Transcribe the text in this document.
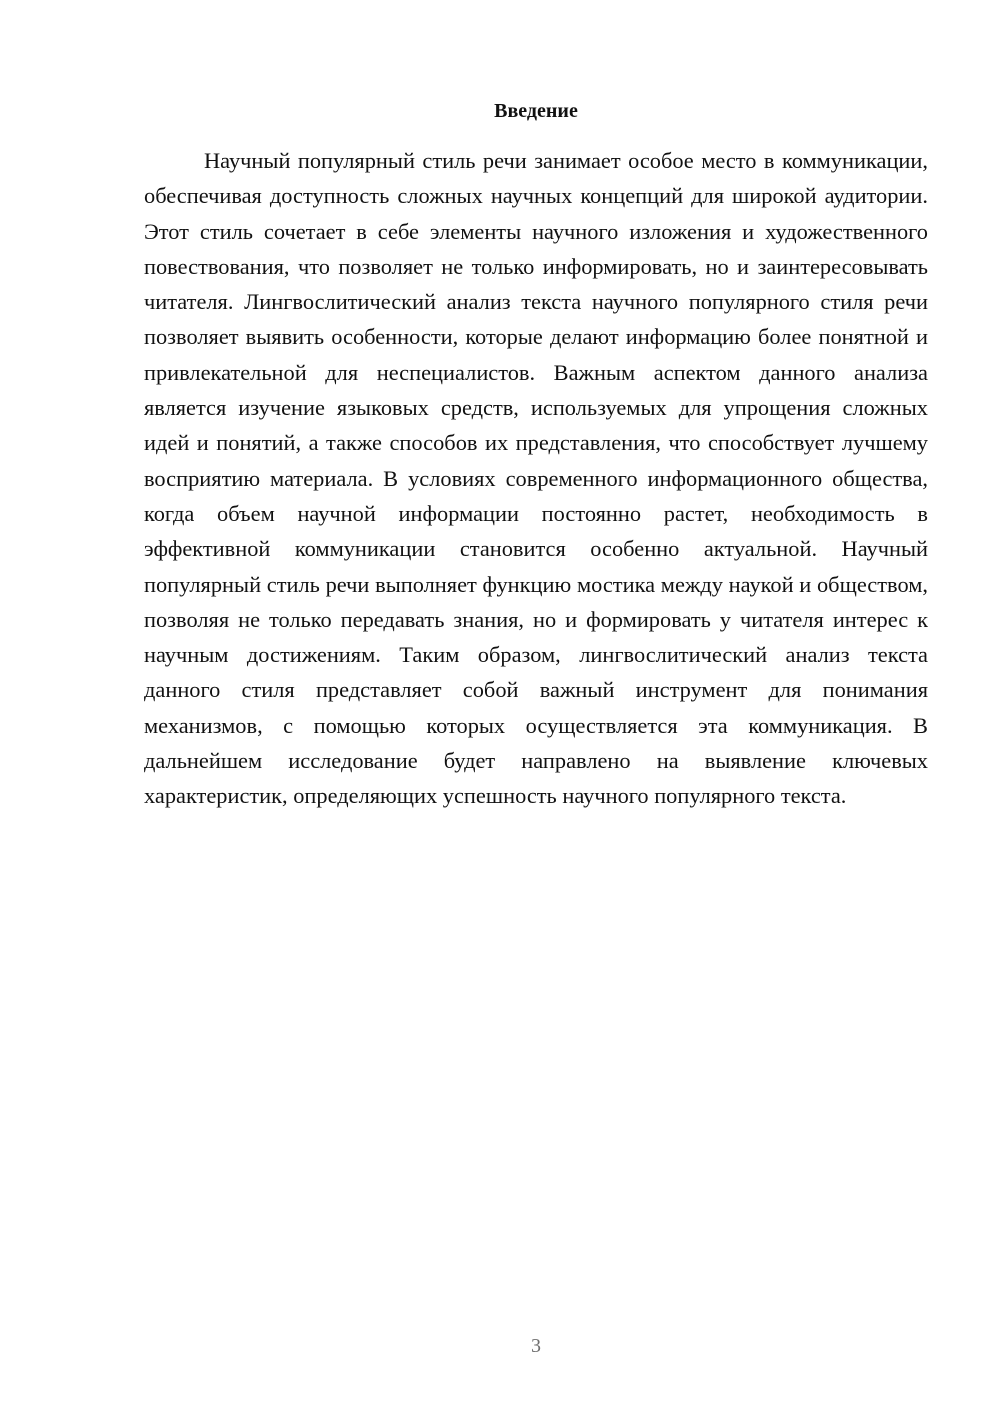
Введение

Научный популярный стиль речи занимает особое место в коммуникации, обеспечивая доступность сложных научных концепций для широкой аудитории. Этот стиль сочетает в себе элементы научного изложения и художественного повествования, что позволяет не только информировать, но и заинтересовывать читателя. Лингвослитический анализ текста научного популярного стиля речи позволяет выявить особенности, которые делают информацию более понятной и привлекательной для неспециалистов. Важным аспектом данного анализа является изучение языковых средств, используемых для упрощения сложных идей и понятий, а также способов их представления, что способствует лучшему восприятию материала. В условиях современного информационного общества, когда объем научной информации постоянно растет, необходимость в эффективной коммуникации становится особенно актуальной. Научный популярный стиль речи выполняет функцию мостика между наукой и обществом, позволяя не только передавать знания, но и формировать у читателя интерес к научным достижениям. Таким образом, лингвослитический анализ текста данного стиля представляет собой важный инструмент для понимания механизмов, с помощью которых осуществляется эта коммуникация. В дальнейшем исследование будет направлено на выявление ключевых характеристик, определяющих успешность научного популярного текста.

3
